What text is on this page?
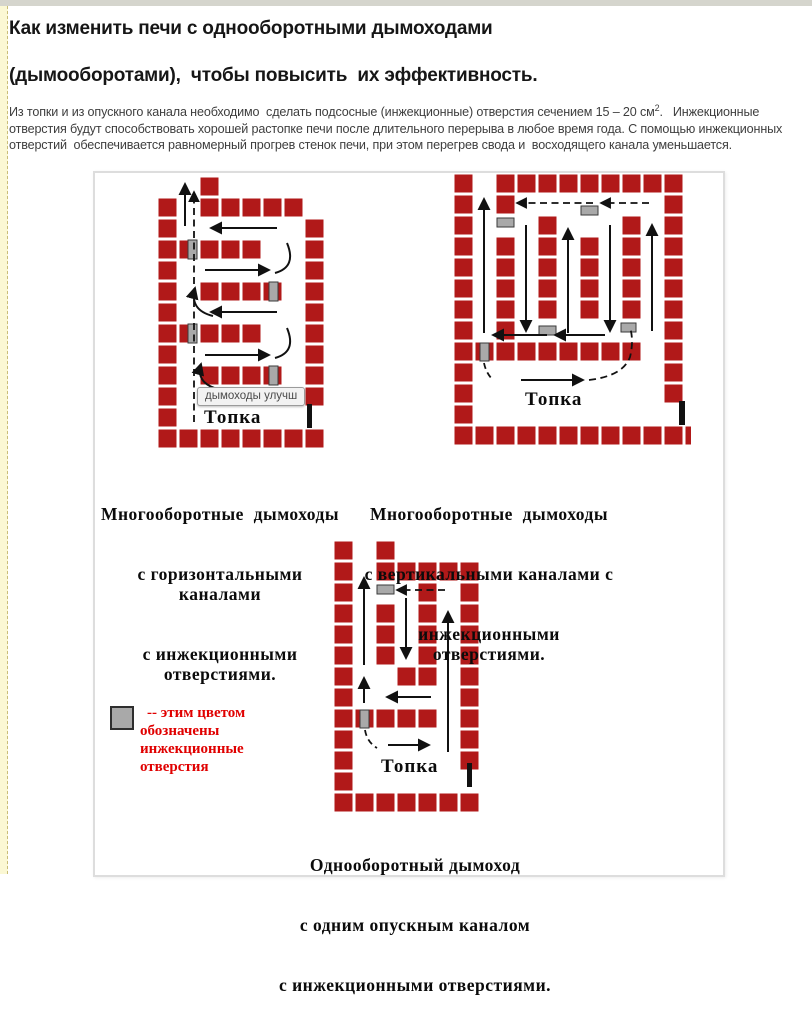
Как изменить печи с однооборотными дымоходами
(дымооборотами),  чтобы повысить  их эффективность.
Из топки и из опускного канала необходимо  сделать подсосные (инжекционные) отверстия сечением 15 – 20 $см^2$.   Инжекционные отверстия будут способствовать хорошей растопке печи после длительного перерыва в любое время года. С помощью инжекционных отверстий  обеспечивается равномерный прогрев стенок печи, при этом перегрев свода и  восходящего канала уменьшается.
Топка
Топка
Топка
дымоходы улучш

Многооборотные  дымоходы

с горизонтальными каналами

с инжекционными отверстиями.

Многооборотные  дымоходы

с вертикальными каналами с

инжекционными отверстиями.

Однооборотный дымоход

с одним опускным каналом

с инжекционными отверстиями.

-- этим цветом
обозначены
инжекционные
отверстия
